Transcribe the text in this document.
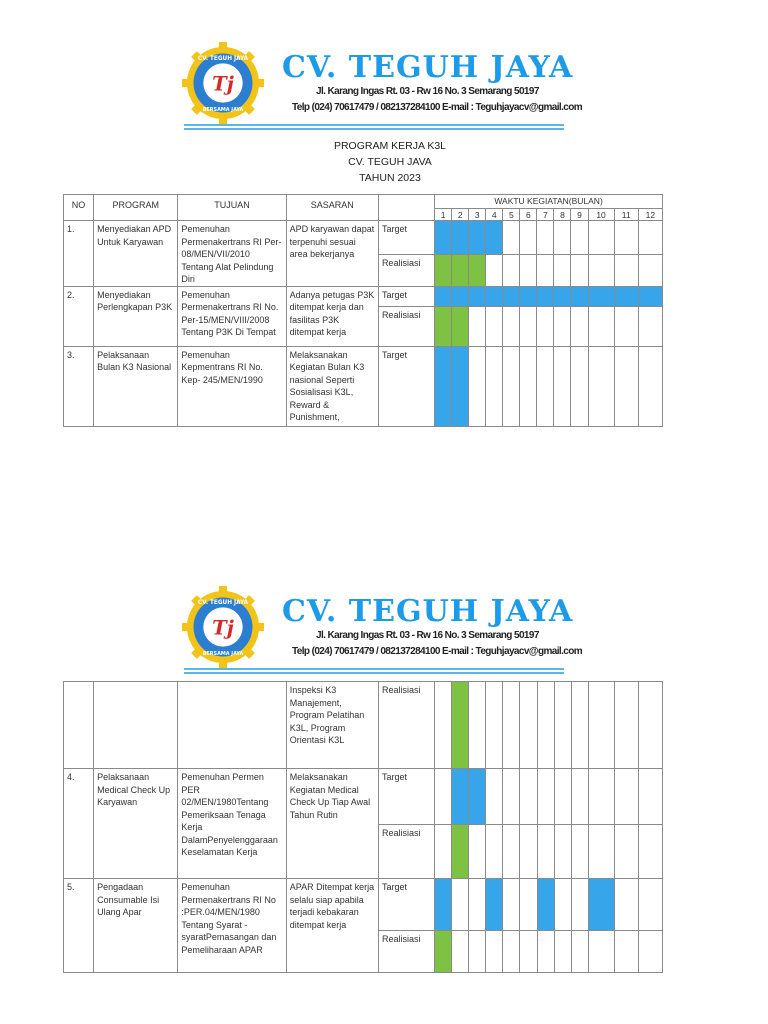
Tj
CV. TEGUH JAYA
BERSAMA JAYA
CV. TEGUH JAYA
Jl. Karang Ingas Rt. 03 - Rw 16 No. 3 Semarang 50197
Telp (024) 70617479 / 082137284100 E-mail : Teguhjayacv@gmail.com
PROGRAM KERJA K3L
CV. TEGUH JAVA
TAHUN 2023
NO	PROGRAM	TUJUAN	SASARAN		WAKTU KEGIATAN(BULAN)											

					1	2	3	4	5	6	7	8	9	10	11	12

1.	Menyediakan APD Untuk Karyawan	Pemenuhan Permenakertrans RI Per-08/MEN/VII/2010 Tentang Alat Pelindung Diri	APD karyawan dapat terpenuhi sesuai area bekerjanya	Target												

				Realisiasi												

2.	Menyediakan Perlengkapan P3K	Pemenuhan Permenakertrans RI No. Per-15/MEN/VIII/2008 Tentang P3K Di Tempat	Adanya petugas P3K ditempat kerja dan fasilitas P3K ditempat kerja	Target												

				Realisiasi												

3.	Pelaksanaan Bulan K3 Nasional	Pemenuhan Kepmentrans RI No. Kep- 245/MEN/1990	Melaksanakan Kegiatan Bulan K3 nasional Seperti Sosialisasi K3L, Reward & Punishment,	Target												

Tj
CV. TEGUH JAYA
BERSAMA JAYA
CV. TEGUH JAYA
Jl. Karang Ingas Rt. 03 - Rw 16 No. 3 Semarang 50197
Telp (024) 70617479 / 082137284100 E-mail : Teguhjayacv@gmail.com

			Inspeksi K3 Manajement, Program Pelatihan K3L, Program Orientasi K3L	Realisiasi												

4.	Pelaksanaan Medical Check Up Karyawan	Pemenuhan Permen PER 02/MEN/1980Tentang Pemeriksaan Tenaga Kerja DalamPenyelenggaraan Keselamatan Kerja	Melaksanakan Kegiatan Medical Check Up Tiap Awal Tahun Rutin	Target												

				Realisiasi												

5.	Pengadaan Consumable Isi Ulang Apar	Pemenuhan Permenakertrans RI No :PER.04/MEN/1980 Tentang Syarat - syaratPemasangan dan Pemeliharaan APAR	APAR Ditempat kerja selalu siap apabila terjadi kebakaran ditempat kerja	Target												

				Realisiasi												
